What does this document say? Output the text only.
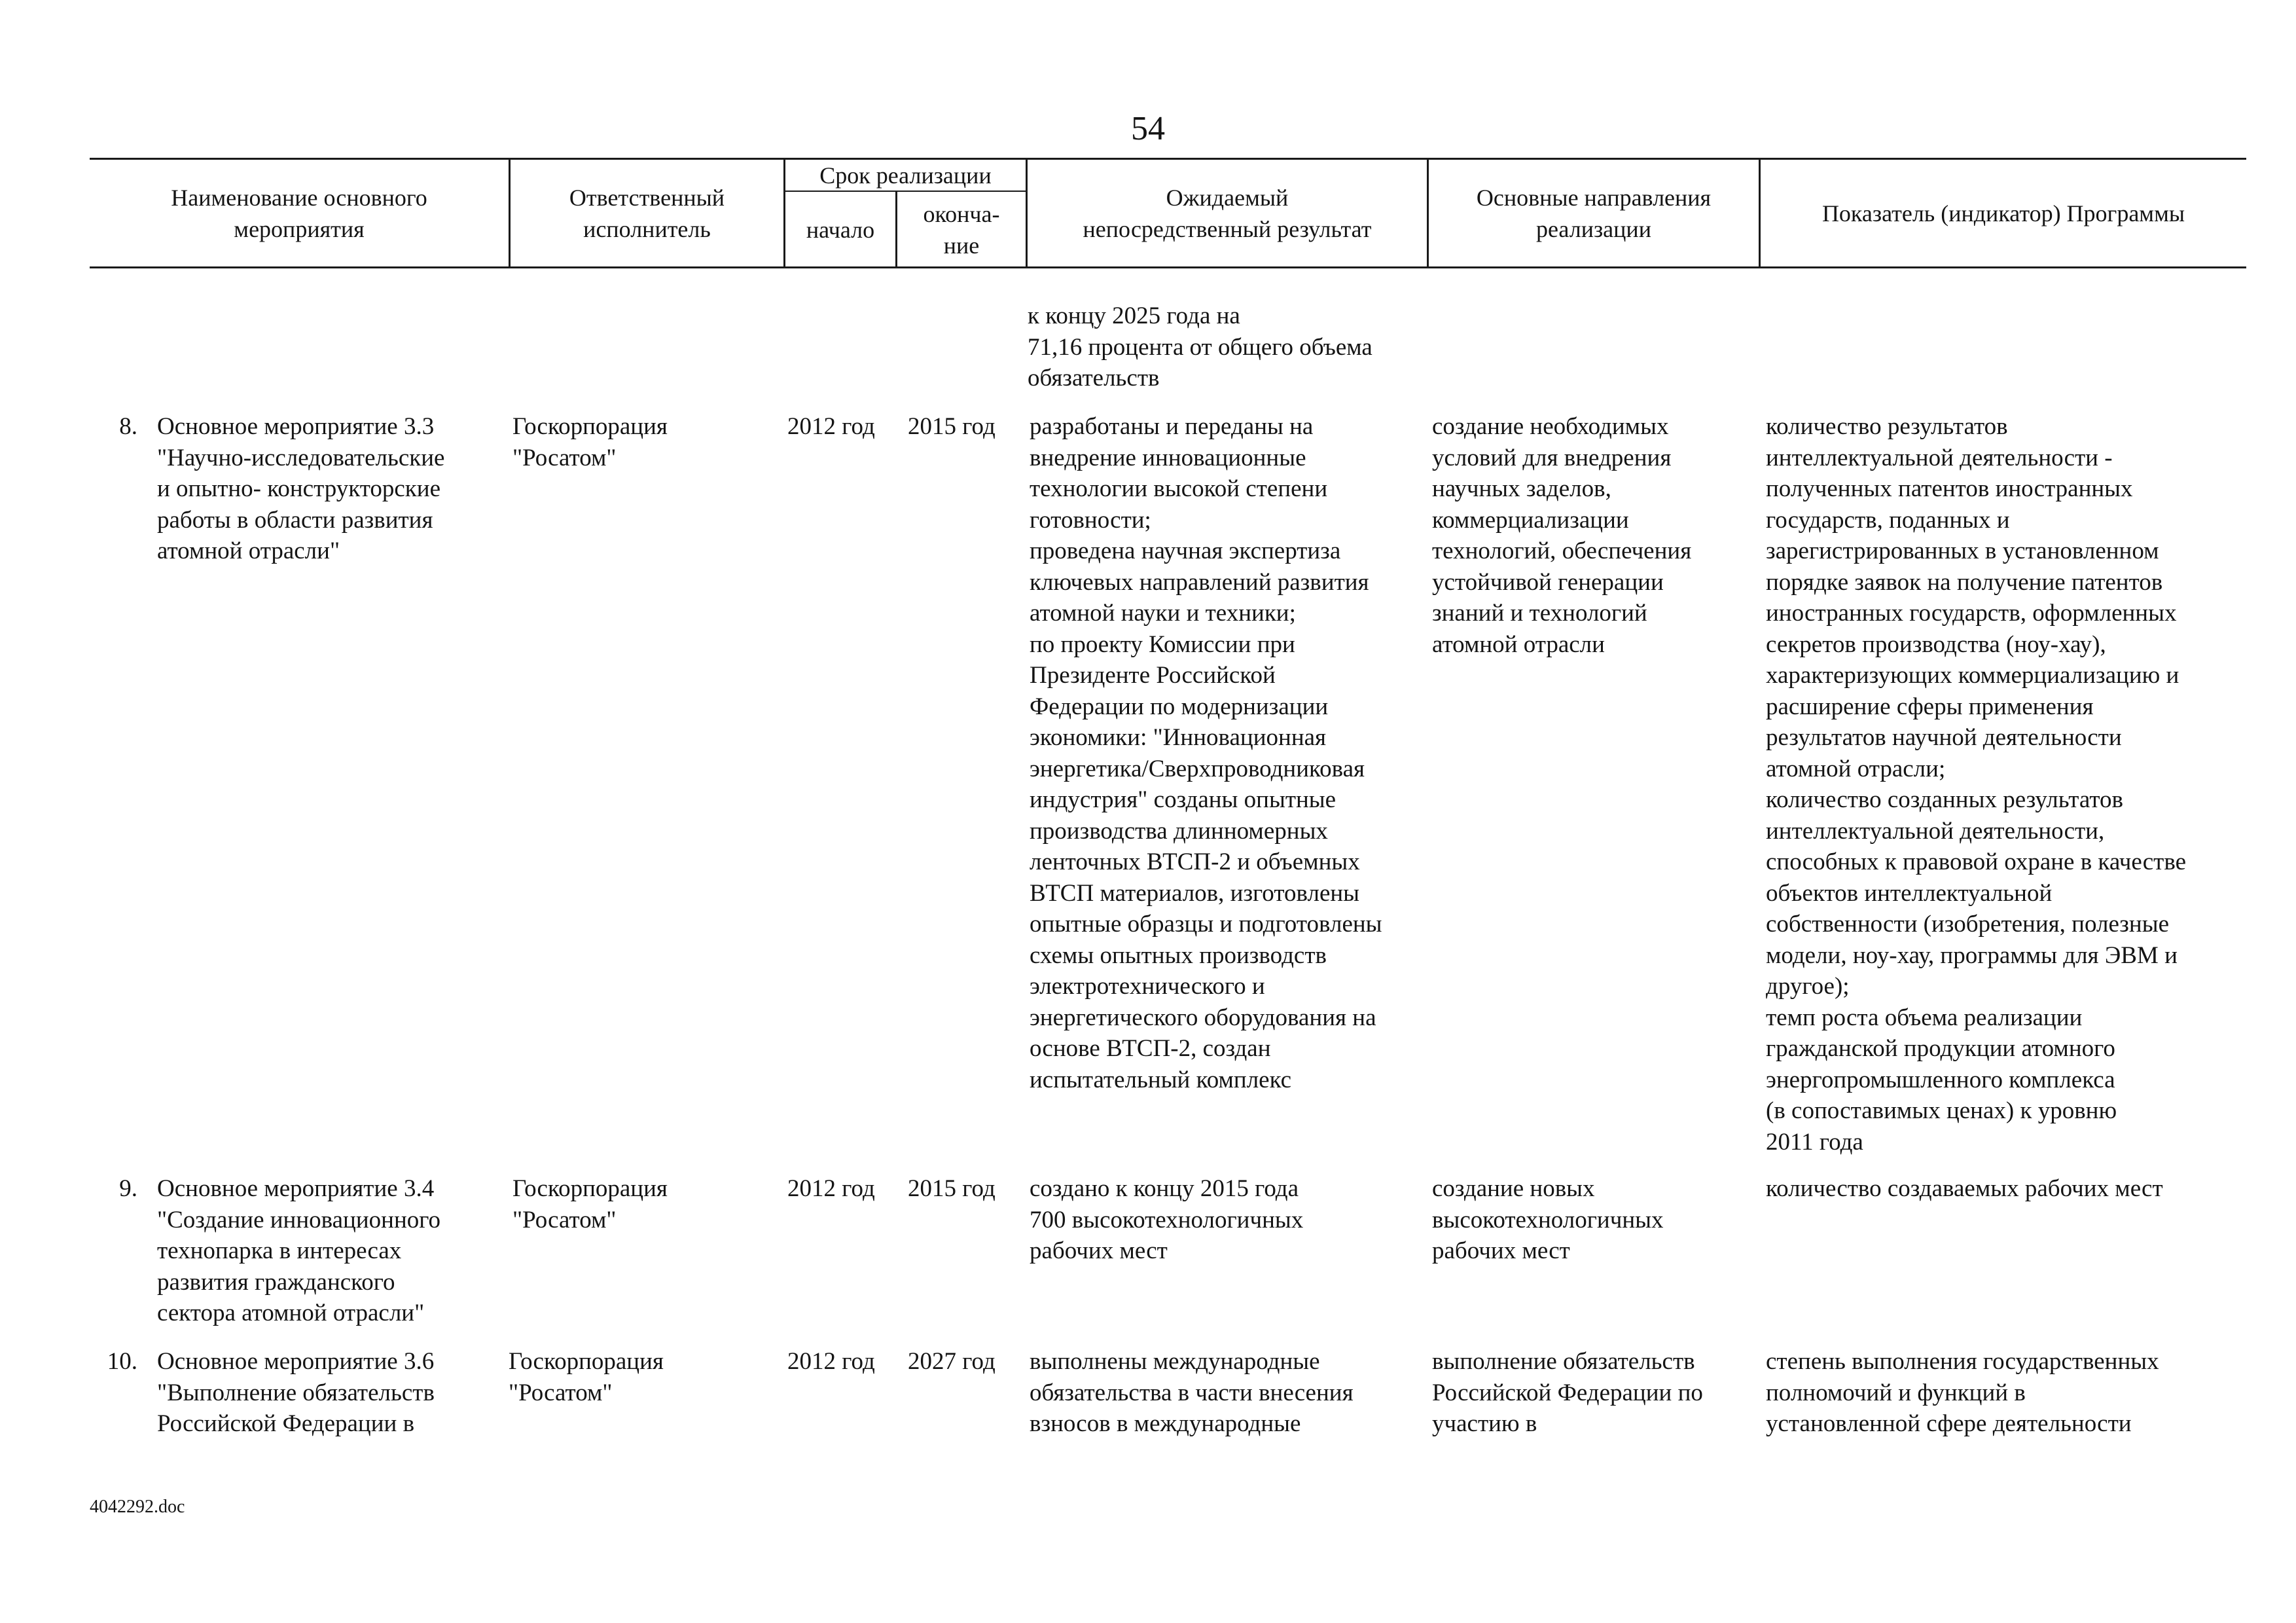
54
Наименование основного
мероприятия
Ответственный
исполнитель
Срок реализации
начало
оконча-
ние
Ожидаемый
непосредственный результат
Основные направления
реализации
Показатель (индикатор) Программы
к концу 2025 года на
71,16 процента от общего объема
обязательств
8. Основное мероприятие 3.3
"Научно-исследовательские
и опытно- конструкторские
работы в области развития
атомной отрасли"
Госкорпорация
"Росатом"
2012 год 2015 год разработаны и переданы на
внедрение инновационные
технологии высокой степени
готовности;
проведена научная экспертиза
ключевых направлений развития
атомной науки и техники;
по проекту Комиссии при
Президенте Российской
Федерации по модернизации
экономики: "Инновационная
энергетика/Сверхпроводниковая
индустрия" созданы опытные
производства длинномерных
ленточных ВТСП-2 и объемных
ВТСП материалов, изготовлены
опытные образцы и подготовлены
схемы опытных производств
электротехнического и
энергетического оборудования на
основе ВТСП-2, создан
испытательный комплекс
создание необходимых
условий для внедрения
научных заделов,
коммерциализации
технологий, обеспечения
устойчивой генерации
знаний и технологий
атомной отрасли
количество результатов
интеллектуальной деятельности -
полученных патентов иностранных
государств, поданных и
зарегистрированных в установленном
порядке заявок на получение патентов
иностранных государств, оформленных
секретов производства (ноу-хау),
характеризующих коммерциализацию и
расширение сферы применения
результатов научной деятельности
атомной отрасли;
количество созданных результатов
интеллектуальной деятельности,
способных к правовой охране в качестве
объектов интеллектуальной
собственности (изобретения, полезные
модели, ноу-хау, программы для ЭВМ и
другое);
темп роста объема реализации
гражданской продукции атомного
энергопромышленного комплекса
(в сопоставимых ценах) к уровню
2011 года
9. Основное мероприятие 3.4
"Создание инновационного
технопарка в интересах
развития гражданского
сектора атомной отрасли"
Госкорпорация
"Росатом"
2012 год 2015 год создано к концу 2015 года
700 высокотехнологичных
рабочих мест
создание новых
высокотехнологичных
рабочих мест
количество создаваемых рабочих мест
10. Основное мероприятие 3.6
"Выполнение обязательств
Российской Федерации в
Госкорпорация
"Росатом"
2012 год 2027 год выполнены международные
обязательства в части внесения
взносов в международные
выполнение обязательств
Российской Федерации по
участию в
степень выполнения государственных
полномочий и функций в
установленной сфере деятельности
4042292.doc
